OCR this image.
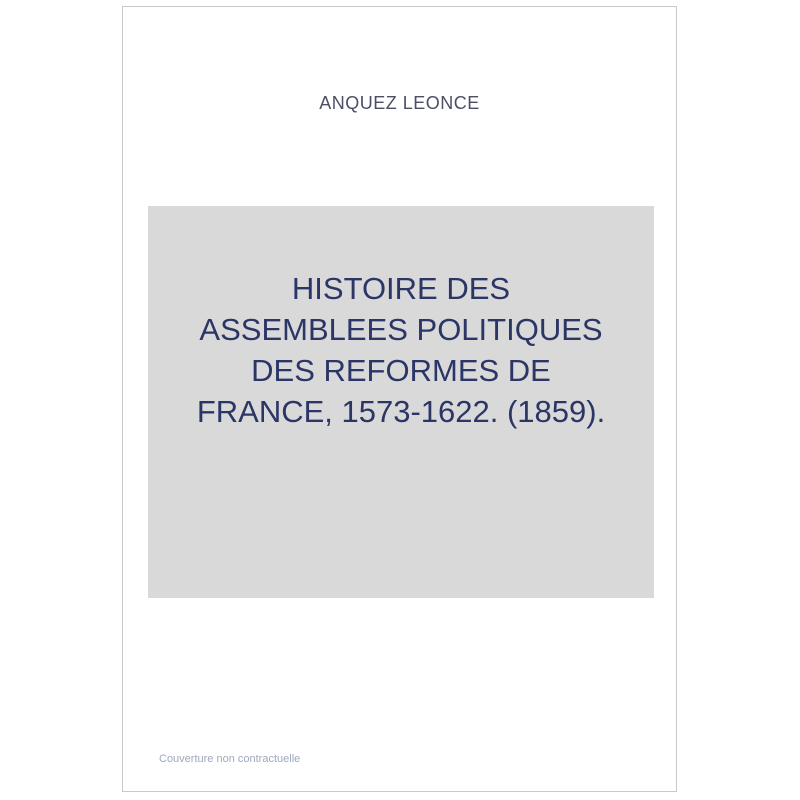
ANQUEZ LEONCE
HISTOIRE DES
ASSEMBLEES POLITIQUES
DES REFORMES DE
FRANCE, 1573-1622. (1859).
Couverture non contractuelle
